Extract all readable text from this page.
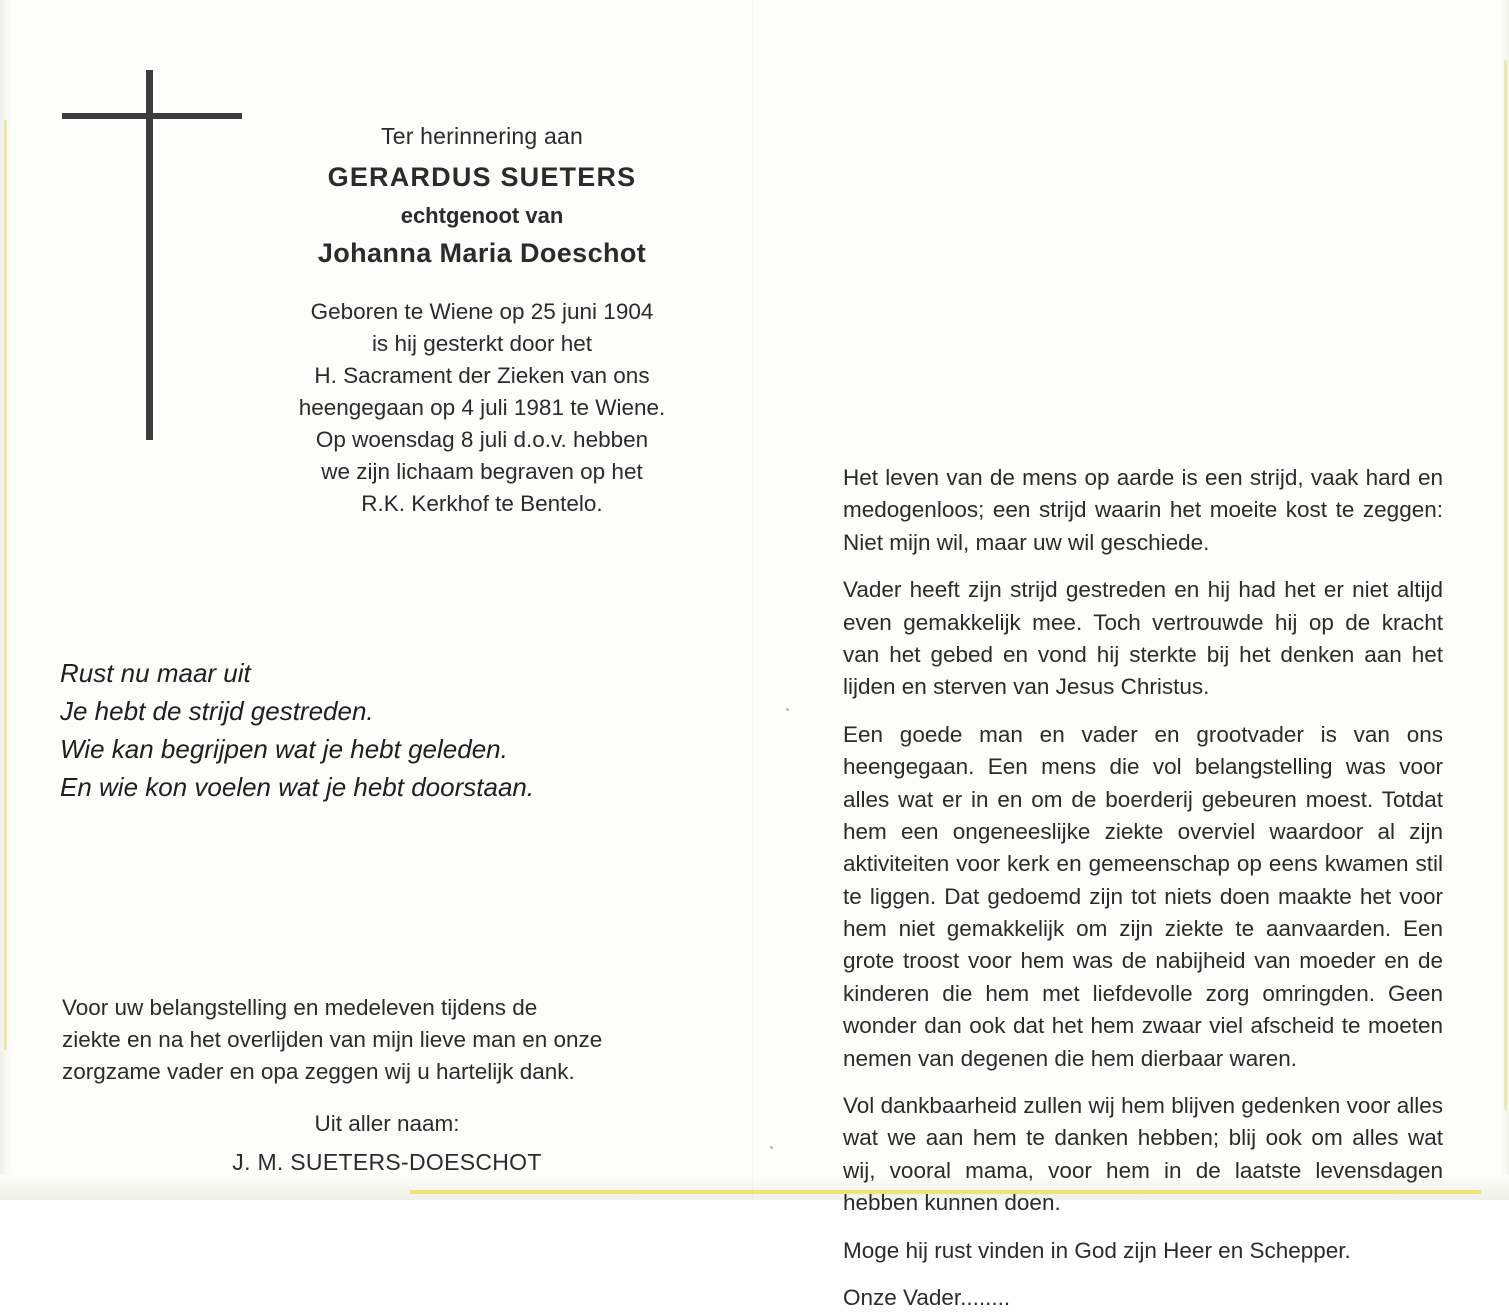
Ter herinnering aan
GERARDUS SUETERS
echtgenoot van
Johanna Maria Doeschot
Geboren te Wiene op 25 juni 1904
is hij gesterkt door het
H. Sacrament der Zieken van ons
heengegaan op 4 juli 1981 te Wiene.
Op woensdag 8 juli d.o.v. hebben
we zijn lichaam begraven op het
R.K. Kerkhof te Bentelo.
Rust nu maar uit
Je hebt de strijd gestreden.
Wie kan begrijpen wat je hebt geleden.
En wie kon voelen wat je hebt doorstaan.
Voor uw belangstelling en medeleven tijdens de
ziekte en na het overlijden van mijn lieve man en onze
zorgzame vader en opa zeggen wij u hartelijk dank.
Uit aller naam:
J. M. SUETERS-DOESCHOT

Het leven van de mens op aarde is een strijd, vaak hard en medogenloos; een strijd waarin het moeite kost te zeggen: Niet mijn wil, maar uw wil geschiede.

Vader heeft zijn strijd gestreden en hij had het er niet altijd even gemakkelijk mee. Toch vertrouwde hij op de kracht van het gebed en vond hij sterkte bij het denken aan het lijden en sterven van Jesus Christus.

Een goede man en vader en grootvader is van ons heengegaan. Een mens die vol belangstelling was voor alles wat er in en om de boerderij gebeuren moest. Totdat hem een ongeneeslijke ziekte overviel waardoor al zijn aktiviteiten voor kerk en gemeenschap op eens kwamen stil te liggen. Dat gedoemd zijn tot niets doen maakte het voor hem niet gemakkelijk om zijn ziekte te aanvaarden. Een grote troost voor hem was de nabijheid van moeder en de kinderen die hem met liefdevolle zorg omringden. Geen wonder dan ook dat het hem zwaar viel afscheid te moeten nemen van degenen die hem dierbaar waren.

Vol dankbaarheid zullen wij hem blijven gedenken voor alles wat we aan hem te danken hebben; blij ook om alles wat wij, vooral mama, voor hem in de laatste levensdagen hebben kunnen doen.

Moge hij rust vinden in God zijn Heer en Schepper.

Onze Vader........
